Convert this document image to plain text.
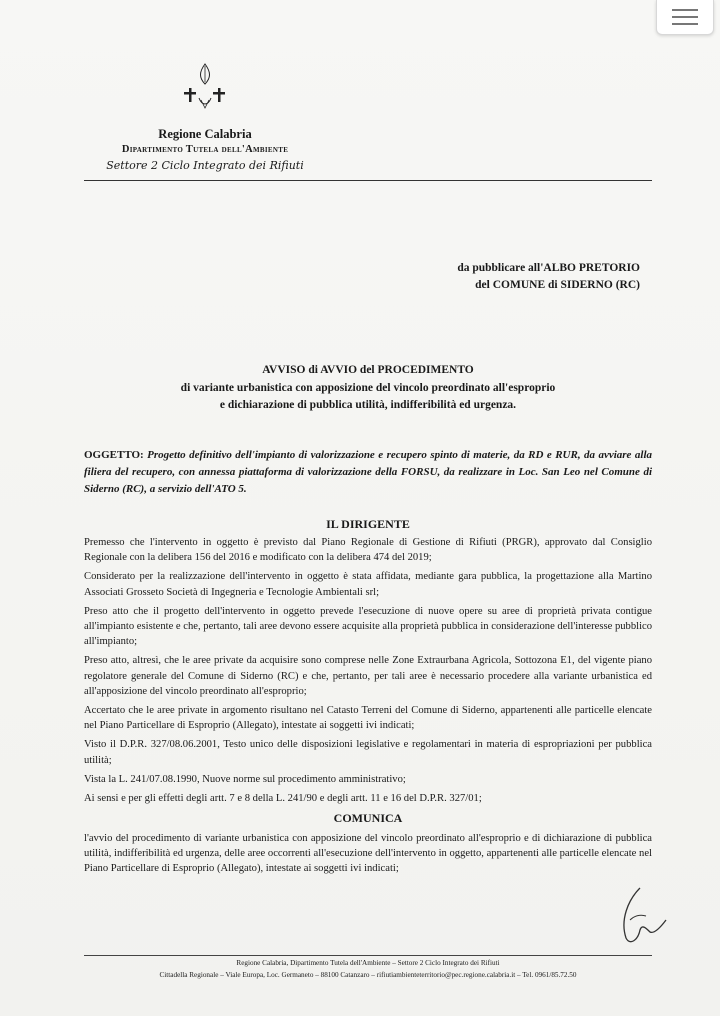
Regione Calabria
Dipartimento Tutela dell'Ambiente
Settore 2 Ciclo Integrato dei Rifiuti
da pubblicare all'ALBO PRETORIO
del COMUNE di SIDERNO (RC)
AVVISO di AVVIO del PROCEDIMENTO
di variante urbanistica con apposizione del vincolo preordinato all'esproprio
e dichiarazione di pubblica utilità, indifferibilità ed urgenza.
OGGETTO: Progetto definitivo dell'impianto di valorizzazione e recupero spinto di materie, da RD e RUR, da avviare alla filiera del recupero, con annessa piattaforma di valorizzazione della FORSU, da realizzare in Loc. San Leo nel Comune di Siderno (RC), a servizio dell'ATO 5.
IL DIRIGENTE

Premesso che l'intervento in oggetto è previsto dal Piano Regionale di Gestione di Rifiuti (PRGR), approvato dal Consiglio Regionale con la delibera 156 del 2016 e modificato con la delibera 474 del 2019;

Considerato per la realizzazione dell'intervento in oggetto è stata affidata, mediante gara pubblica, la progettazione alla Martino Associati Grosseto Società di Ingegneria e Tecnologie Ambientali srl;

Preso atto che il progetto dell'intervento in oggetto prevede l'esecuzione di nuove opere su aree di proprietà privata contigue all'impianto esistente e che, pertanto, tali aree devono essere acquisite alla proprietà pubblica in considerazione dell'interesse pubblico all'impianto;

Preso atto, altresì, che le aree private da acquisire sono comprese nelle Zone Extraurbana Agricola, Sottozona E1, del vigente piano regolatore generale del Comune di Siderno (RC) e che, pertanto, per tali aree è necessario procedere alla variante urbanistica ed all'apposizione del vincolo preordinato all'esproprio;

Accertato che le aree private in argomento risultano nel Catasto Terreni del Comune di Siderno, appartenenti alle particelle elencate nel Piano Particellare di Esproprio (Allegato), intestate ai soggetti ivi indicati;

Visto il D.P.R. 327/08.06.2001, Testo unico delle disposizioni legislative e regolamentari in materia di espropriazioni per pubblica utilità;

Vista la L. 241/07.08.1990, Nuove norme sul procedimento amministrativo;

Ai sensi e per gli effetti degli artt. 7 e 8 della L. 241/90 e degli artt. 11 e 16 del D.P.R. 327/01;

COMUNICA

l'avvio del procedimento di variante urbanistica con apposizione del vincolo preordinato all'esproprio e di dichiarazione di pubblica utilità, indifferibilità ed urgenza, delle aree occorrenti all'esecuzione dell'intervento in oggetto, appartenenti alle particelle elencate nel Piano Particellare di Esproprio (Allegato), intestate ai soggetti ivi indicati;

Regione Calabria, Dipartimento Tutela dell'Ambiente – Settore 2 Ciclo Integrato dei Rifiuti
Cittadella Regionale – Viale Europa, Loc. Germaneto – 88100 Catanzaro – rifiutiambienteterritorio@pec.regione.calabria.it – Tel. 0961/85.72.50
